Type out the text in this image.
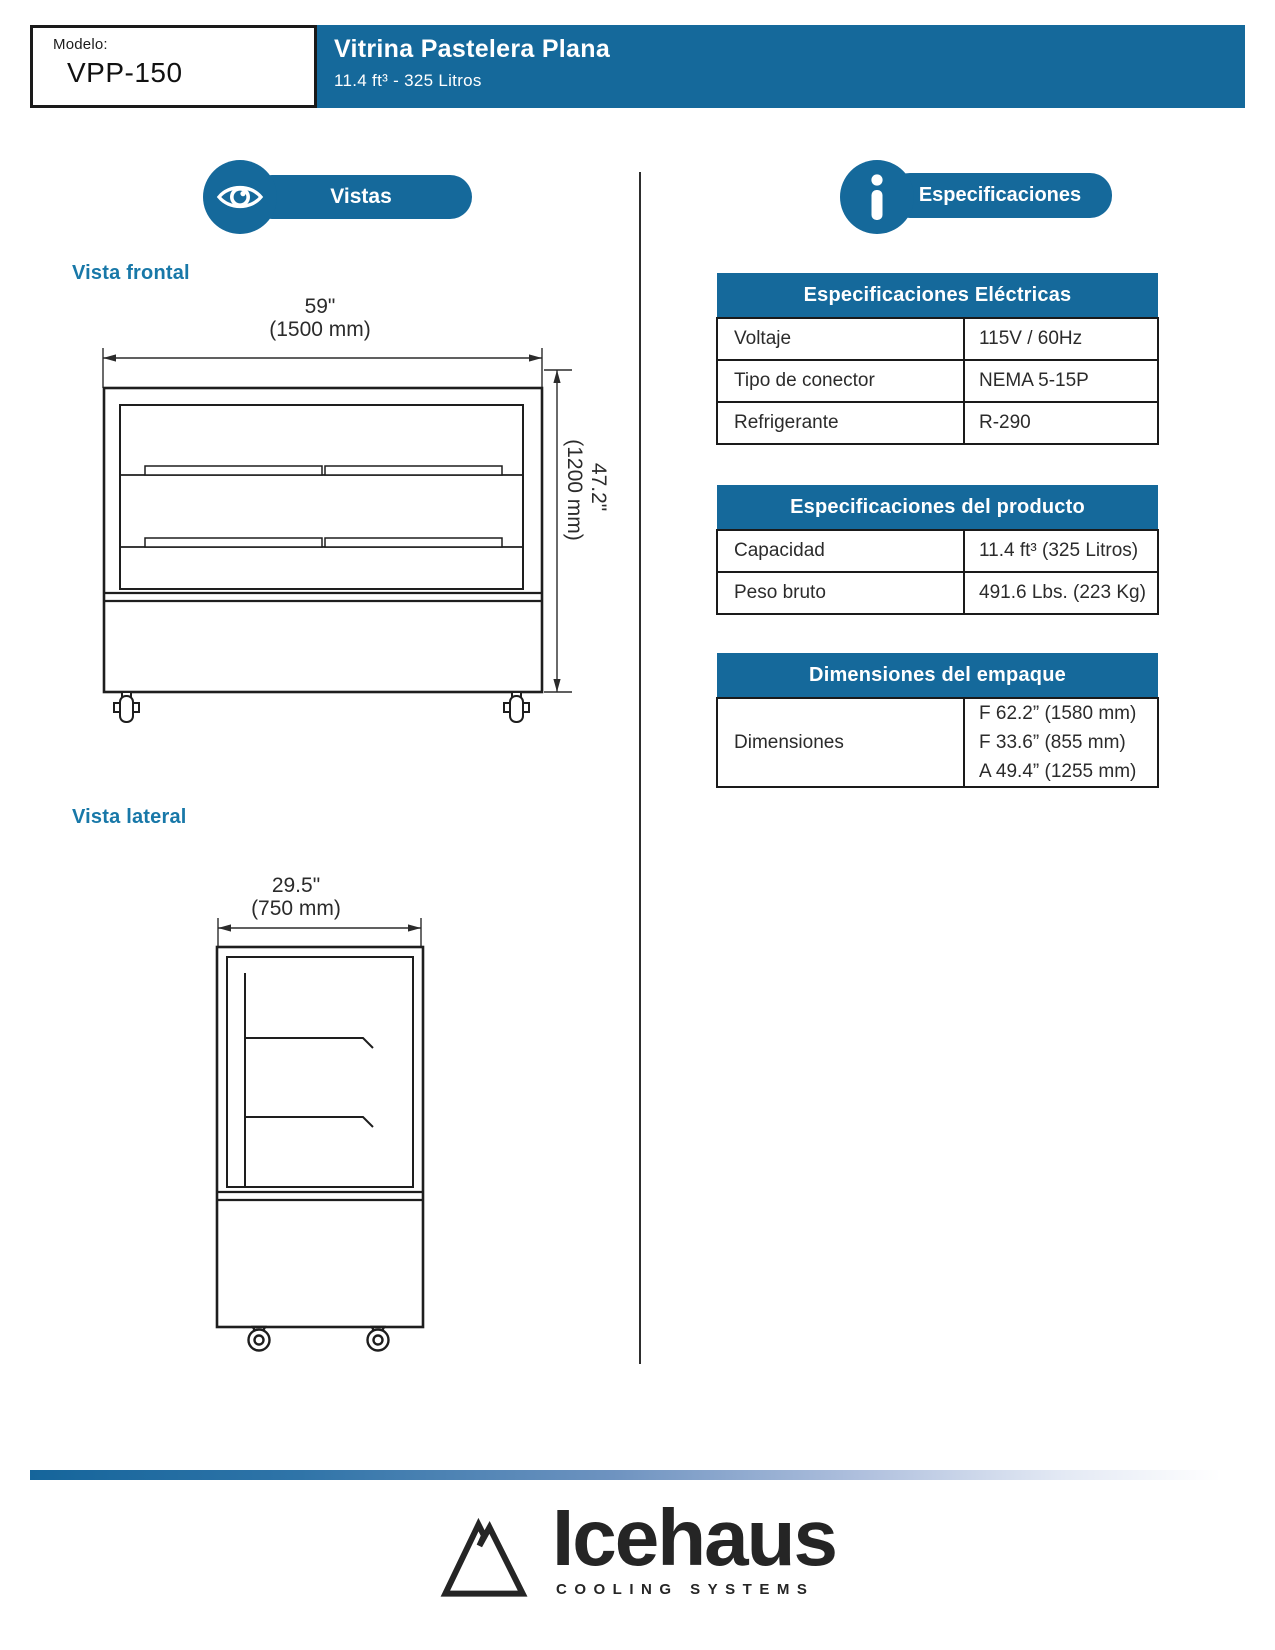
Modelo:
VPP-150
Vitrina Pastelera Plana
11.4 ft³ - 325 Litros
Vistas	Especificaciones
Vista frontal
59"
(1500 mm)
47.2" (1200 mm)
Vista lateral
29.5"
(750 mm)
Especificaciones Eléctricas	
Voltaje	115V / 60Hz
Tipo de conector	NEMA 5-15P
Refrigerante	R-290
Especificaciones del producto	
Capacidad	11.4 ft³ (325 Litros)
Peso bruto	491.6 Lbs. (223 Kg)
Dimensiones del empaque
Dimensiones	
F 62.2” (1580 mm)
F 33.6” (855 mm)
A 49.4” (1255 mm)
Icehaus
COOLING SYSTEMS
